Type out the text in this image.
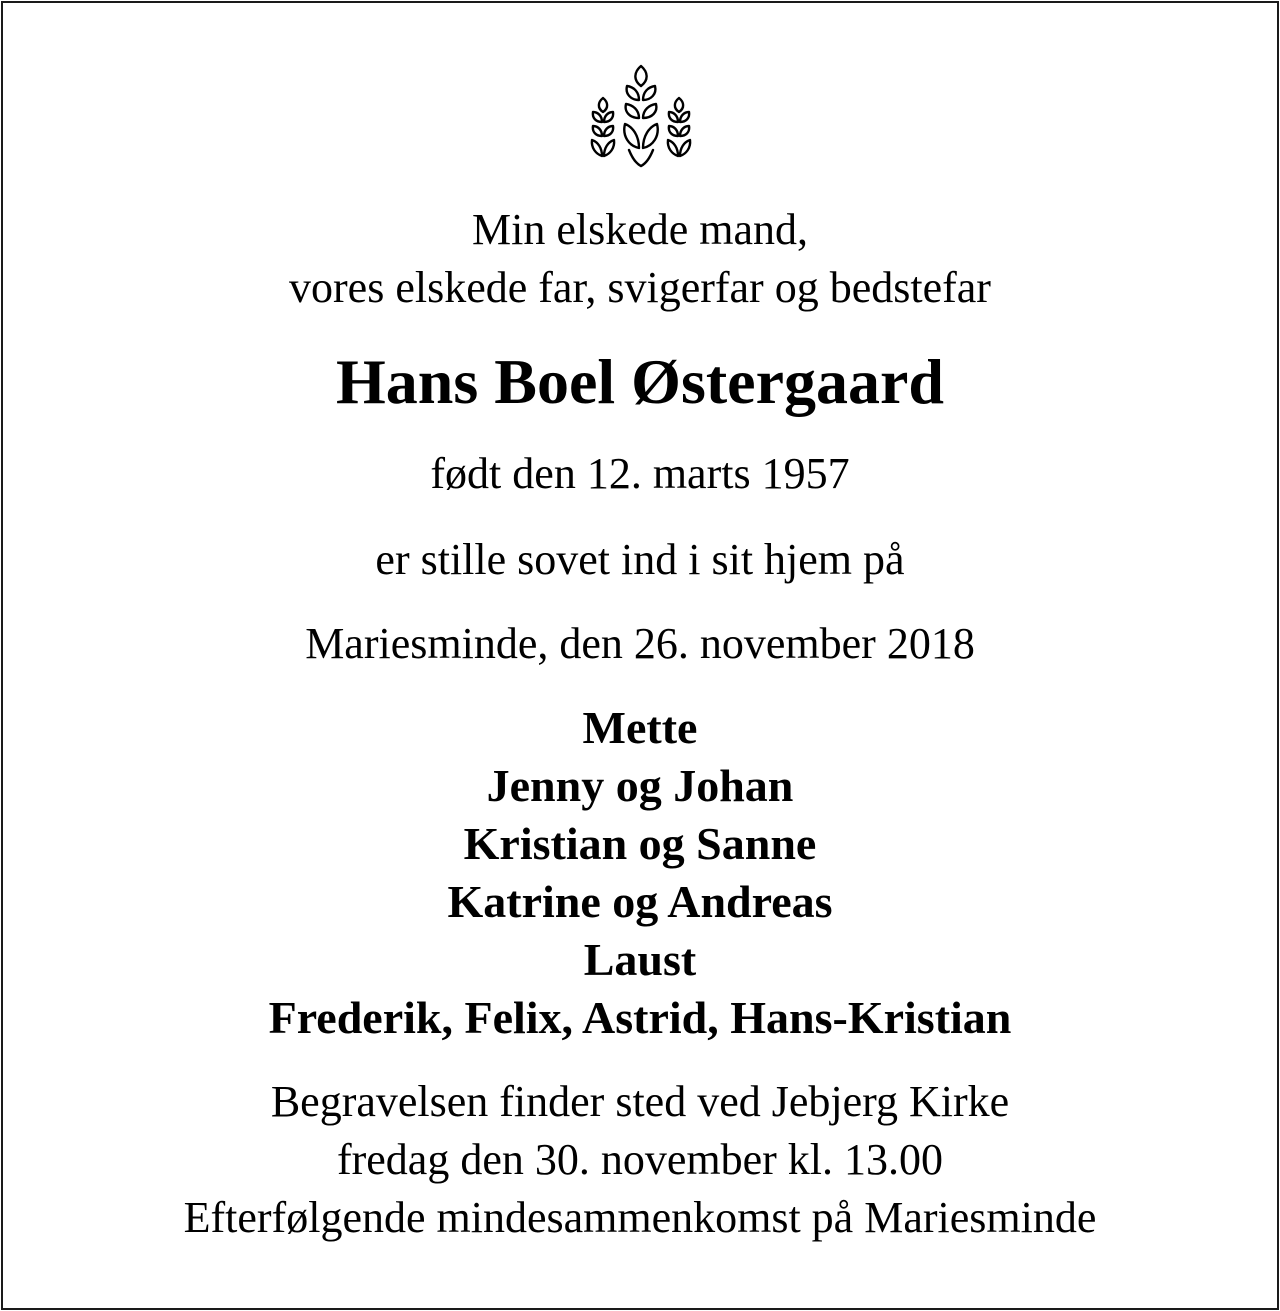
Min elskede mand,
vores elskede far, svigerfar og bedstefar
Hans Boel Østergaard
født den 12. marts 1957
er stille sovet ind i sit hjem på
Mariesminde, den 26. november 2018
Mette
Jenny og Johan
Kristian og Sanne
Katrine og Andreas
Laust
Frederik, Felix, Astrid, Hans-Kristian
Begravelsen finder sted ved Jebjerg Kirke
fredag den 30. november kl. 13.00
Efterfølgende mindesammenkomst på Mariesminde
